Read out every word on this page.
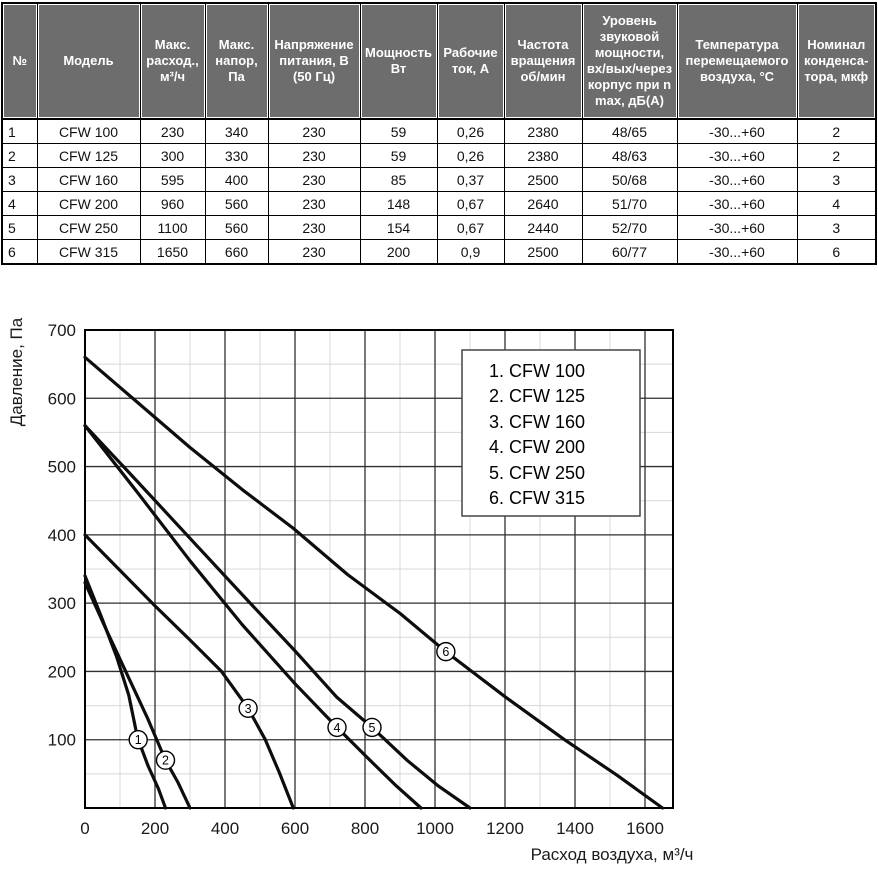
№	Модель	Макс. расход., м³/ч	Макс. напор, Па	Напряжение питания, В (50 Гц)	Мощность Вт	Рабочие ток, А	Частота вращения об/мин	Уровень звуковой мощности, вх/вых/через корпус при n max, дБ(А)	Температура перемещаемого воздуха, °С	Номинал конденса- тора, мкф
1	CFW 100	230	340	230	59	0,26	2380	48/65	-30...+60	2
2	CFW 125	300	330	230	59	0,26	2380	48/63	-30...+60	2
3	CFW 160	595	400	230	85	0,37	2500	50/68	-30...+60	3
4	CFW 200	960	560	230	148	0,67	2640	51/70	-30...+60	4
5	CFW 250	1100	560	230	154	0,67	2440	52/70	-30...+60	3
6	CFW 315	1650	660	230	200	0,9	2500	60/77	-30...+60	6
1
2
3
4 5
6
0	200 400 600 800 1000 1200 1400 1600
100
200
300
400
500
600
700
Давление, Па
Расход воздуха, м³/ч
1. CFW 100
2. CFW 125
3. CFW 160
4. CFW 200
5. CFW 250
6. CFW 315
